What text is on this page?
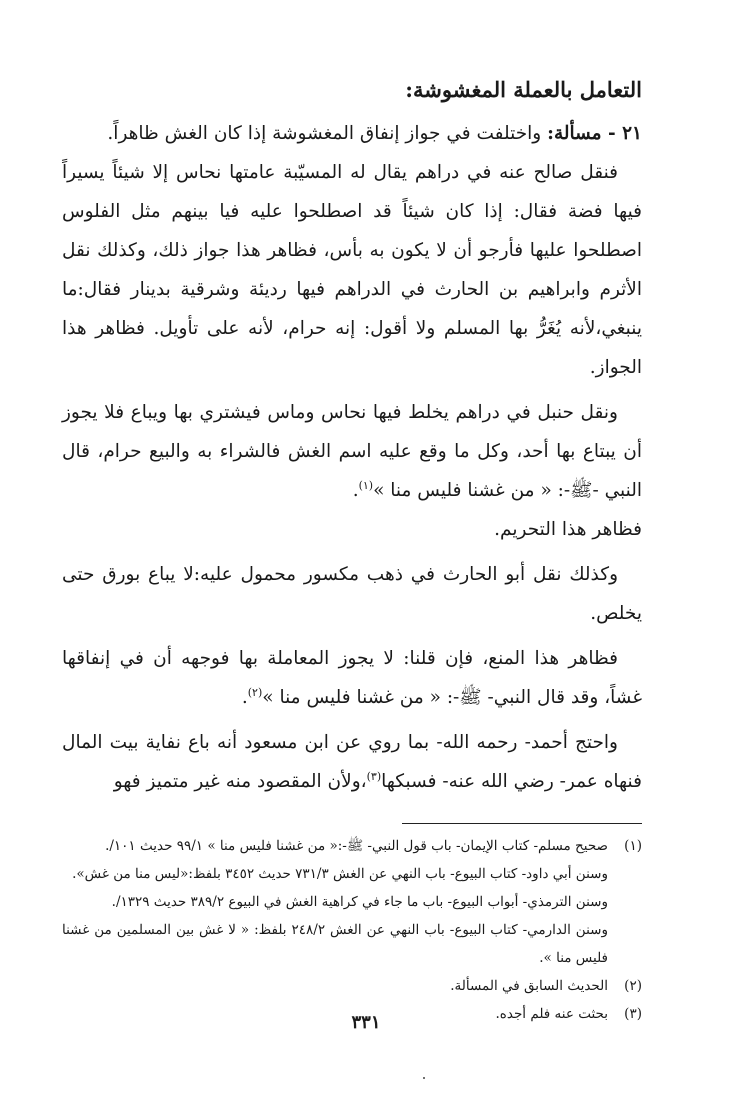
التعامل بالعملة المغشوشة:

٢١ - مسألة: واختلفت في جواز إنفاق المغشوشة إذا كان الغش ظاهراً.

فنقل صالح عنه في دراهم يقال له المسيّبة عامتها نحاس إلا شيئاً يسيراً فيها فضة فقال: إذا كان شيئاً قد اصطلحوا عليه فيا بينهم مثل الفلوس اصطلحوا عليها فأرجو أن لا يكون به بأس، فظاهر هذا جواز ذلك، وكذلك نقل الأثرم وابراهيم بن الحارث في الدراهم فيها رديئة وشرقية بدينار فقال:ما ينبغي،لأنه يُغَرُّ بها المسلم ولا أقول: إنه حرام، لأنه على تأويل. فظاهر هذا الجواز.

ونقل حنبل في دراهم يخلط فيها نحاس وماس فيشتري بها ويباع فلا يجوز أن يبتاع بها أحد، وكل ما وقع عليه اسم الغش فالشراء به والبيع حرام، قال النبي -ﷺ-: « من غشنا فليس منا »$^{(١)}$.

فظاهر هذا التحريم.

وكذلك نقل أبو الحارث في ذهب مكسور محمول عليه:لا يباع بورق حتى يخلص.

فظاهر هذا المنع، فإن قلنا: لا يجوز المعاملة بها فوجهه أن في إنفاقها غشاً، وقد قال النبي- ﷺ-: « من غشنا فليس منا »$^{(٢)}$.

واحتج أحمد- رحمه الله- بما روي عن ابن مسعود أنه باع نفاية بيت المال فنهاه عمر- رضي الله عنه- فسبكها$^{(٣)}$،ولأن المقصود منه غير متميز فهو

(١)
صحيح مسلم- كتاب الإيمان- باب قول النبي- ﷺ-:« من غشنا فليس منا » ٩٩/١ حديث ١٠١/.
وسنن أبي داود- كتاب البيوع- باب النهي عن الغش ٧٣١/٣ حديث ٣٤٥٢ بلفظ:«ليس منا من غش».
وسنن الترمذي- أبواب البيوع- باب ما جاء في كراهية الغش في البيوع ٣٨٩/٢ حديث ١٣٢٩/.
وسنن الدارمي- كتاب البيوع- باب النهي عن الغش ٢٤٨/٢ بلفظ: « لا غش بين المسلمين من غشنا فليس منا ».
(٢)
الحديث السابق في المسألة.
(٣)
بحثت عنه فلم أجده.
٣٣١
